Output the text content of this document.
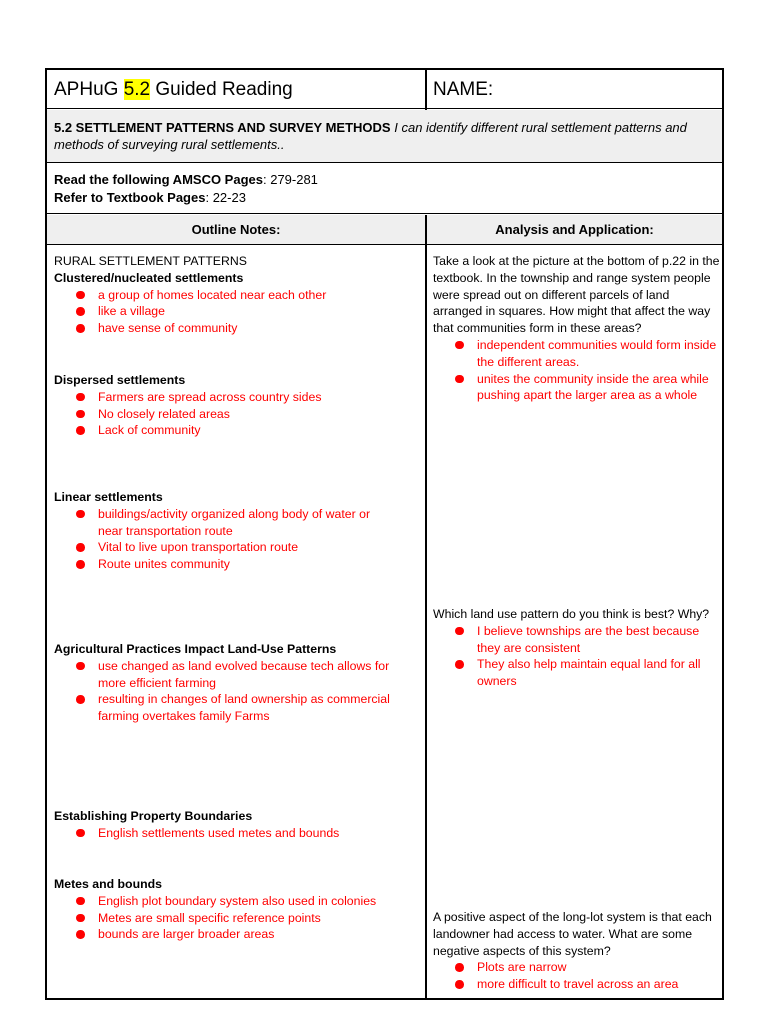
APHuG 5.2 Guided Reading	NAME:
5.2 SETTLEMENT PATTERNS AND SURVEY METHODS I can identify different rural settlement patterns and methods of surveying rural settlements..
Read the following AMSCO Pages: 279-281
Refer to Textbook Pages: 22-23
Outline Notes:	Analysis and Application:
RURAL SETTLEMENT PATTERNS
Clustered/nucleated settlements
a group of homes located near each other
like a village
have sense of community
Dispersed settlements
Farmers are spread across country sides
No closely related areas
Lack of community
Linear settlements
buildings/activity organized along body of water or near transportation route
Vital to live upon transportation route
Route unites community
Agricultural Practices Impact Land-Use Patterns
use changed as land evolved because tech allows for more efficient farming
resulting in changes of land ownership as commercial farming overtakes family Farms
Establishing Property Boundaries
English settlements used metes and bounds
Metes and bounds
English plot boundary system also used in colonies
Metes are small specific reference points
bounds are larger broader areas
Take a look at the picture at the bottom of p.22 in the textbook. In the township and range system people were spread out on different parcels of land arranged in squares. How might that affect the way that communities form in these areas?
independent communities would form inside the different areas.
unites the community inside the area while pushing apart the larger area as a whole
Which land use pattern do you think is best? Why?
I believe townships are the best because they are consistent
They also help maintain equal land for all owners
A positive aspect of the long-lot system is that each landowner had access to water. What are some negative aspects of this system?
Plots are narrow
more difficult to travel across an area
